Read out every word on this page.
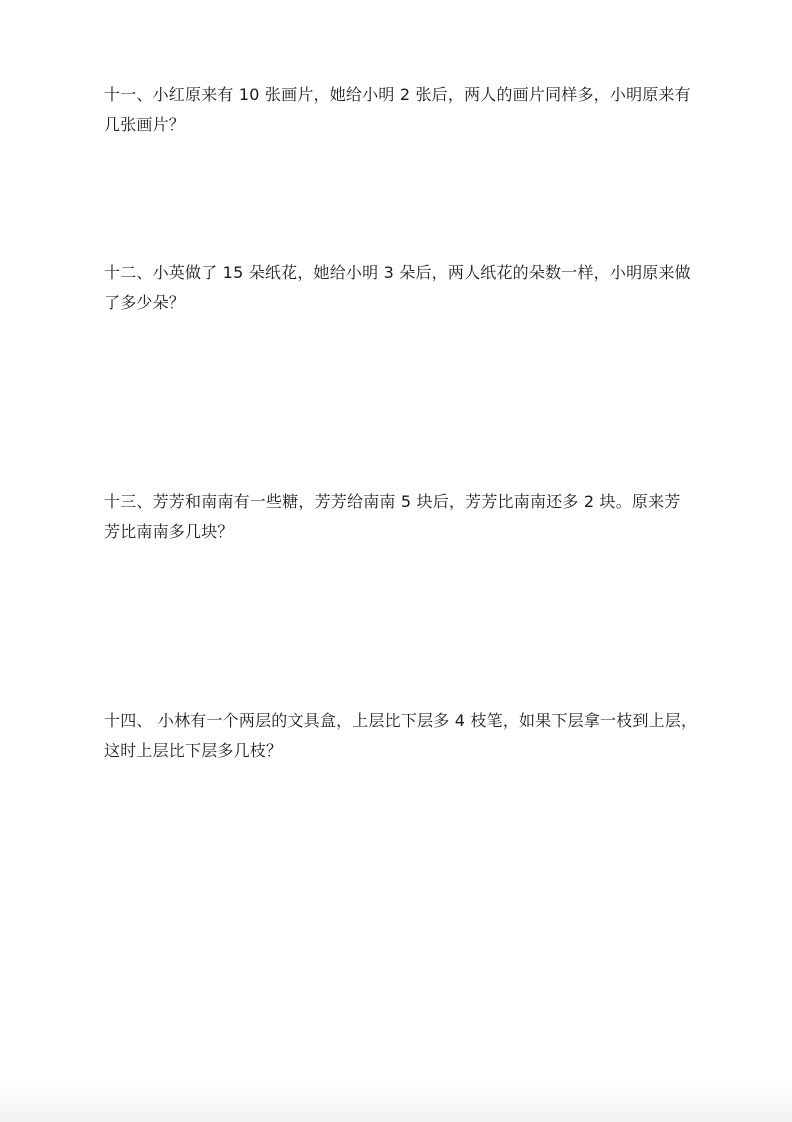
十一、小红原来有 10 张画片，她给小明 2 张后，两人的画片同样多，小明原来有
几张画片？
十二、小英做了 15 朵纸花，她给小明 3 朵后，两人纸花的朵数一样，小明原来做
了多少朵？
十三、芳芳和南南有一些糖，芳芳给南南 5 块后，芳芳比南南还多 2 块。原来芳
芳比南南多几块？
十四、 小林有一个两层的文具盒，上层比下层多 4 枝笔，如果下层拿一枝到上层，
这时上层比下层多几枝？
